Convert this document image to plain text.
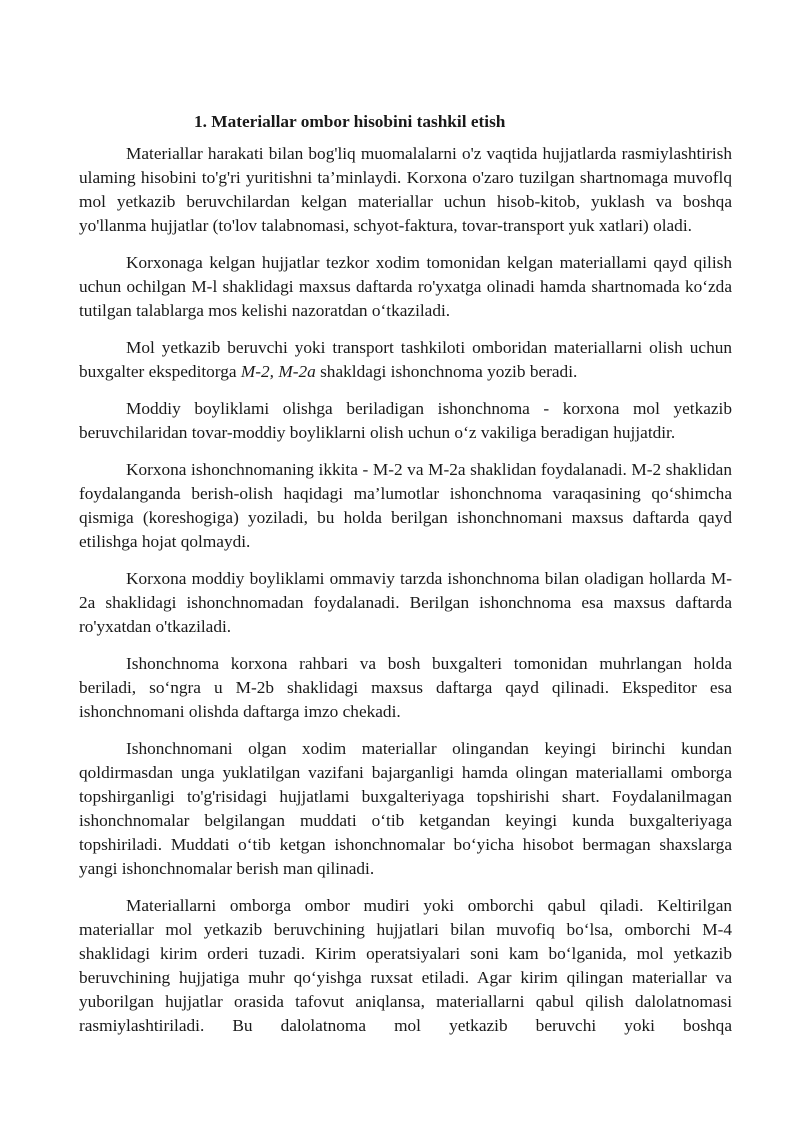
1. Materiallar ombor hisobini tashkil etish

Materiallar harakati bilan bog'liq muomalalarni o'z vaqtida hujjatlarda rasmiylashtirish ulaming hisobini to'g'ri yuritishni ta’minlaydi. Korxona o'zaro tuzilgan shartnomaga muvoflq mol yetkazib beruvchilardan kelgan materiallar uchun hisob-kitob, yuklash va boshqa yo'llanma hujjatlar (to'lov talabnomasi, schyot-faktura, tovar-transport yuk xatlari) oladi.

Korxonaga kelgan hujjatlar tezkor xodim tomonidan kelgan materiallami qayd qilish uchun ochilgan M-l shaklidagi maxsus daftarda ro'yxatga olinadi hamda shartnomada ko‘zda tutilgan talablarga mos kelishi nazoratdan o‘tkaziladi.

Mol yetkazib beruvchi yoki transport tashkiloti omboridan materiallarni olish uchun buxgalter ekspeditorga M-2, M-2a shakldagi ishonchnoma yozib beradi.

Moddiy boyliklami olishga beriladigan ishonchnoma - korxona mol yetkazib beruvchilaridan tovar-moddiy boyliklarni olish uchun o‘z vakiliga beradigan hujjatdir.

Korxona ishonchnomaning ikkita - M-2 va M-2a shaklidan foydalanadi. M-2 shaklidan foydalanganda berish-olish haqidagi ma’lumotlar ishonchnoma varaqasining qo‘shimcha qismiga (koreshogiga) yoziladi, bu holda berilgan ishonchnomani maxsus daftarda qayd etilishga hojat qolmaydi.

Korxona moddiy boyliklami ommaviy tarzda ishonchnoma bilan oladigan hollarda M-2a shaklidagi ishonchnomadan foydalanadi. Berilgan ishonchnoma esa maxsus daftarda ro'yxatdan o'tkaziladi.

Ishonchnoma korxona rahbari va bosh buxgalteri tomonidan muhrlangan holda beriladi, so‘ngra u M-2b shaklidagi maxsus daftarga qayd qilinadi. Ekspeditor esa ishonchnomani olishda daftarga imzo chekadi.

Ishonchnomani olgan xodim materiallar olingandan keyingi birinchi kundan qoldirmasdan unga yuklatilgan vazifani bajarganligi hamda olingan materiallami omborga topshirganligi to'g'risidagi hujjatlami buxgalteriyaga topshirishi shart. Foydalanilmagan ishonchnomalar belgilangan muddati o‘tib ketgandan keyingi kunda buxgalteriyaga topshiriladi. Muddati o‘tib ketgan ishonchnomalar bo‘yicha hisobot bermagan shaxslarga yangi ishonchnomalar berish man qilinadi.

Materiallarni omborga ombor mudiri yoki omborchi qabul qiladi. Keltirilgan materiallar mol yetkazib beruvchining hujjatlari bilan muvofiq bo‘lsa, omborchi M-4 shaklidagi kirim orderi tuzadi. Kirim operatsiyalari soni kam bo‘lganida, mol yetkazib beruvchining hujjatiga muhr qo‘yishga ruxsat etiladi. Agar kirim qilingan materiallar va yuborilgan hujjatlar orasida tafovut aniqlansa, materiallarni qabul qilish dalolatnomasi rasmiylashtiriladi. Bu dalolatnoma mol yetkazib beruvchi yoki boshqa
